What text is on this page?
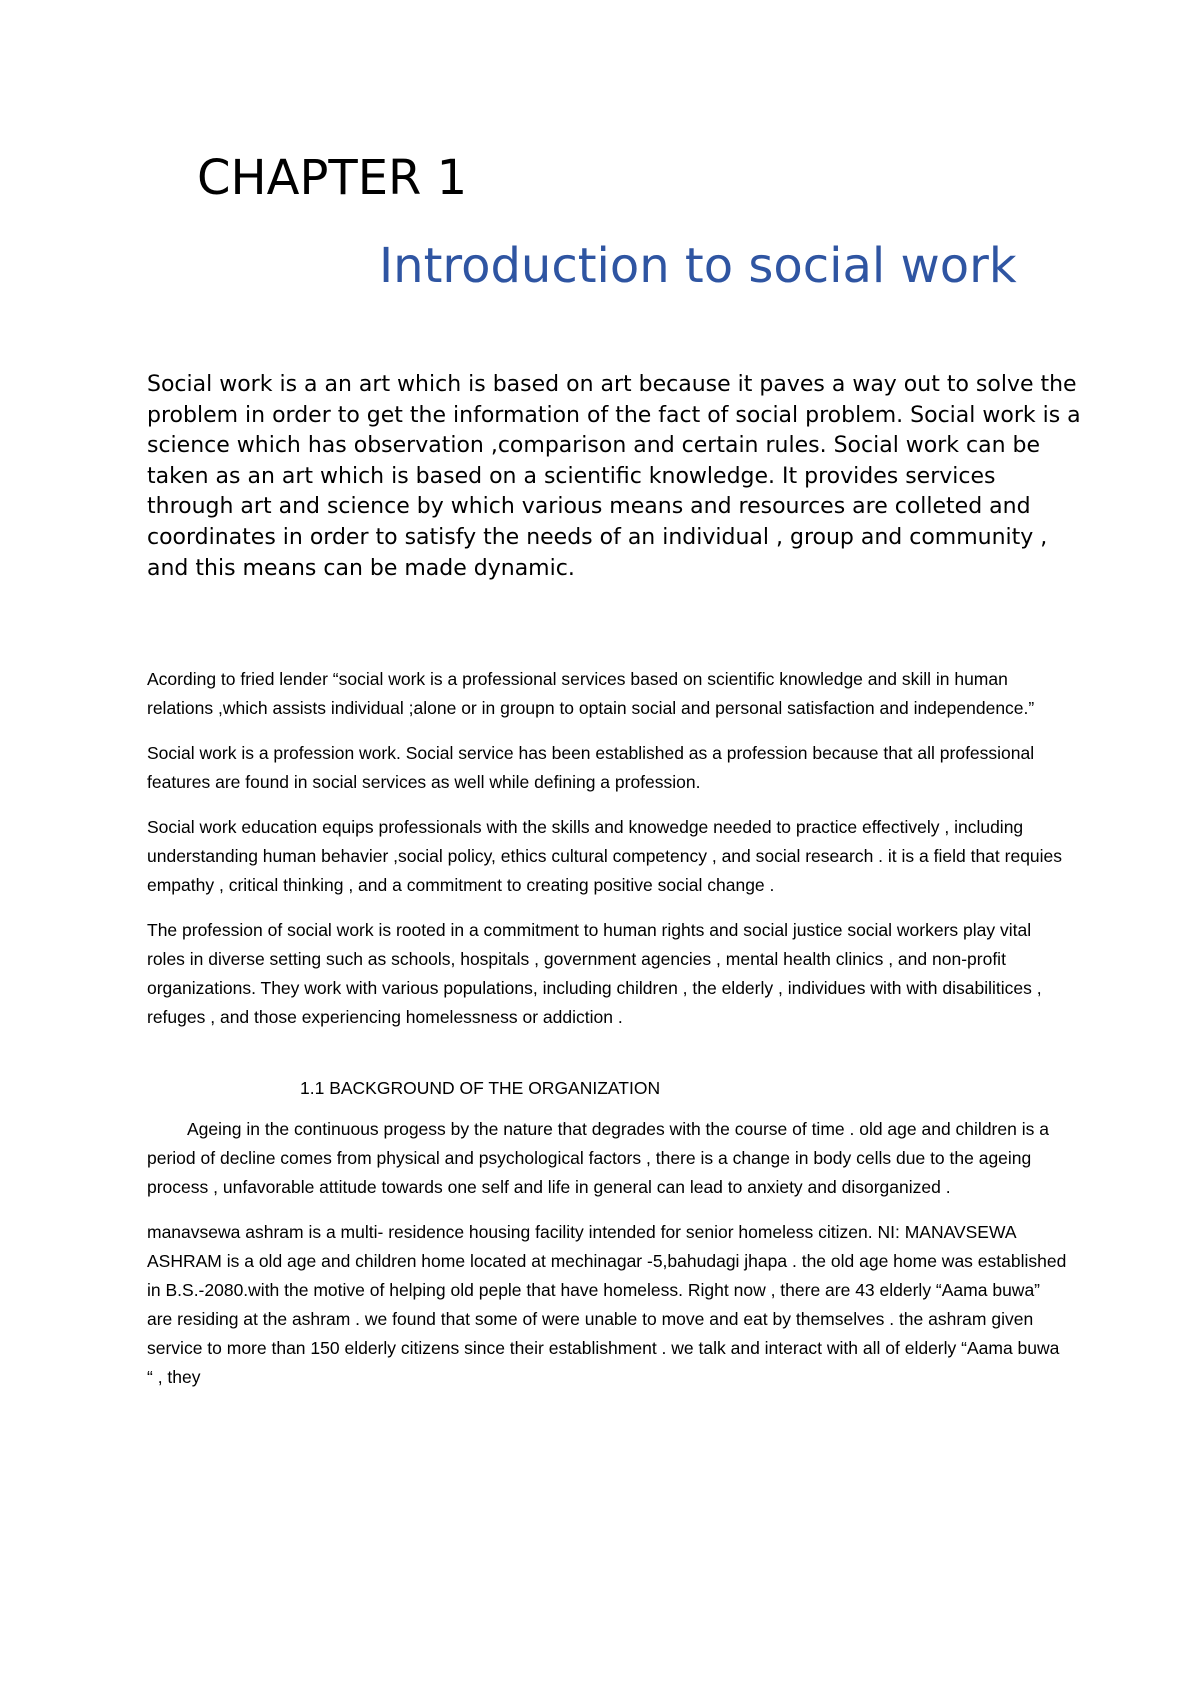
CHAPTER 1
Introduction to social work

Social work is a an art which is based on art because it paves a way out to solve the problem in order to get the information of the fact of social problem. Social work is a science which has observation ,comparison and certain rules. Social work can be taken as an art which is based on a scientific knowledge. It provides services through art and science by which various means and resources are colleted and coordinates in order to satisfy the needs of an individual , group and community , and this means can be made dynamic.

Acording to fried lender “social work is a professional services based on scientific knowledge and skill in human relations ,which assists individual ;alone or in groupn to optain social and personal satisfaction and independence.”

Social work is a profession work. Social service has been established as a profession because that all professional features are found in social services as well while defining a profession.

Social work education equips professionals with the skills and knowedge needed to practice effectively , including understanding human behavier ,social policy, ethics cultural competency , and social research . it is a field that requies empathy , critical thinking , and a commitment to creating positive social change .

The profession of social work is rooted in a commitment to human rights and social justice social workers play vital roles in diverse setting such as schools, hospitals , government agencies , mental health clinics , and non-profit organizations. They work with various populations, including children , the elderly , individues with with disabilitices , refuges , and those experiencing homelessness or addiction .

1.1 BACKGROUND OF THE ORGANIZATION

Ageing in the continuous progess by the nature that degrades with the course of time . old age and children is a period of decline comes from physical and psychological factors , there is a change in body cells due to the ageing process , unfavorable attitude towards one self and life in general can lead to anxiety and disorganized .

manavsewa ashram is a multi- residence housing facility intended for senior homeless citizen. NI: MANAVSEWA ASHRAM is a old age and children home located at mechinagar -5,bahudagi jhapa . the old age home was established in B.S.-2080.with the motive of helping old peple that have homeless. Right now , there are 43 elderly “Aama buwa” are residing at the ashram . we found that some of were unable to move and eat by themselves . the ashram given service to more than 150 elderly citizens since their establishment . we talk and interact with all of elderly “Aama buwa “ , they
